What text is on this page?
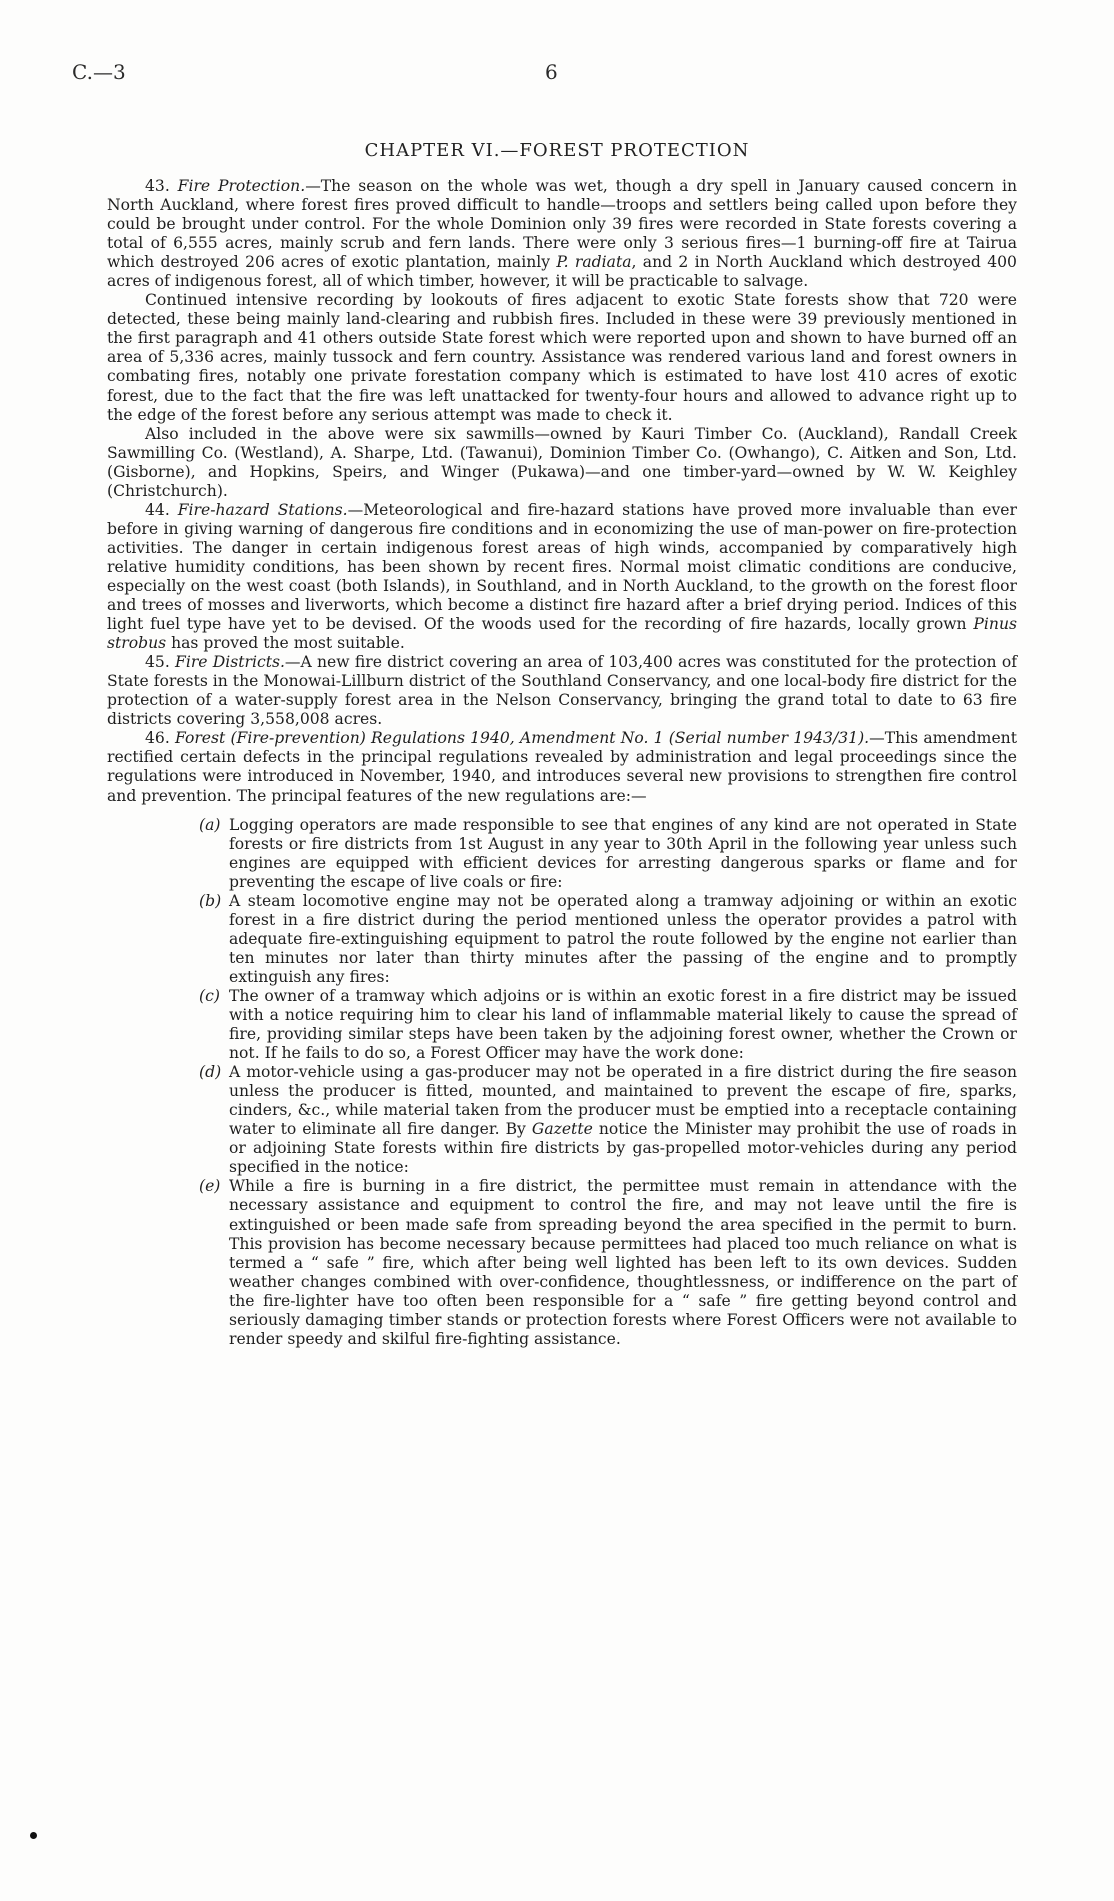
C.—3	6
CHAPTER VI.—FOREST PROTECTION

43. Fire Protection.—The season on the whole was wet, though a dry spell in January caused concern in North Auckland, where forest fires proved difficult to handle—troops and settlers being called upon before they could be brought under control. For the whole Dominion only 39 fires were recorded in State forests covering a total of 6,555 acres, mainly scrub and fern lands. There were only 3 serious fires—1 burning-off fire at Tairua which destroyed 206 acres of exotic plantation, mainly P. radiata, and 2 in North Auckland which destroyed 400 acres of indigenous forest, all of which timber, however, it will be practicable to salvage.

Continued intensive recording by lookouts of fires adjacent to exotic State forests show that 720 were detected, these being mainly land-clearing and rubbish fires. Included in these were 39 previously mentioned in the first paragraph and 41 others outside State forest which were reported upon and shown to have burned off an area of 5,336 acres, mainly tussock and fern country. Assistance was rendered various land and forest owners in combating fires, notably one private forestation company which is estimated to have lost 410 acres of exotic forest, due to the fact that the fire was left unattacked for twenty-four hours and allowed to advance right up to the edge of the forest before any serious attempt was made to check it.

Also included in the above were six sawmills—owned by Kauri Timber Co. (Auckland), Randall Creek Sawmilling Co. (Westland), A. Sharpe, Ltd. (Tawanui), Dominion Timber Co. (Owhango), C. Aitken and Son, Ltd. (Gisborne), and Hopkins, Speirs, and Winger (Pukawa)—and one timber-yard—owned by W. W. Keighley (Christchurch).

44. Fire-hazard Stations.—Meteorological and fire-hazard stations have proved more invaluable than ever before in giving warning of dangerous fire conditions and in economizing the use of man-power on fire-protection activities. The danger in certain indigenous forest areas of high winds, accompanied by comparatively high relative humidity conditions, has been shown by recent fires. Normal moist climatic conditions are conducive, especially on the west coast (both Islands), in Southland, and in North Auckland, to the growth on the forest floor and trees of mosses and liverworts, which become a distinct fire hazard after a brief drying period. Indices of this light fuel type have yet to be devised. Of the woods used for the recording of fire hazards, locally grown Pinus strobus has proved the most suitable.

45. Fire Districts.—A new fire district covering an area of 103,400 acres was constituted for the protection of State forests in the Monowai-Lillburn district of the Southland Conservancy, and one local-body fire district for the protection of a water-supply forest area in the Nelson Conservancy, bringing the grand total to date to 63 fire districts covering 3,558,008 acres.

46. Forest (Fire-prevention) Regulations 1940, Amendment No. 1 (Serial number 1943/31).—This amendment rectified certain defects in the principal regulations revealed by administration and legal proceedings since the regulations were introduced in November, 1940, and introduces several new provisions to strengthen fire control and prevention. The principal features of the new regulations are:—

(a) Logging operators are made responsible to see that engines of any kind are not operated in State forests or fire districts from 1st August in any year to 30th April in the following year unless such engines are equipped with efficient devices for arresting dangerous sparks or flame and for preventing the escape of live coals or fire:
(b) A steam locomotive engine may not be operated along a tramway adjoining or within an exotic forest in a fire district during the period mentioned unless the operator provides a patrol with adequate fire-extinguishing equipment to patrol the route followed by the engine not earlier than ten minutes nor later than thirty minutes after the passing of the engine and to promptly extinguish any fires:
(c) The owner of a tramway which adjoins or is within an exotic forest in a fire district may be issued with a notice requiring him to clear his land of inflammable material likely to cause the spread of fire, providing similar steps have been taken by the adjoining forest owner, whether the Crown or not. If he fails to do so, a Forest Officer may have the work done:
(d) A motor-vehicle using a gas-producer may not be operated in a fire district during the fire season unless the producer is fitted, mounted, and maintained to prevent the escape of fire, sparks, cinders, &c., while material taken from the producer must be emptied into a receptacle containing water to eliminate all fire danger. By Gazette notice the Minister may prohibit the use of roads in or adjoining State forests within fire districts by gas-propelled motor-vehicles during any period specified in the notice:
(e) While a fire is burning in a fire district, the permittee must remain in attendance with the necessary assistance and equipment to control the fire, and may not leave until the fire is extinguished or been made safe from spreading beyond the area specified in the permit to burn. This provision has become necessary because permittees had placed too much reliance on what is termed a “ safe ” fire, which after being well lighted has been left to its own devices. Sudden weather changes combined with over-confidence, thoughtlessness, or indifference on the part of the fire-lighter have too often been responsible for a “ safe ” fire getting beyond control and seriously damaging timber stands or protection forests where Forest Officers were not available to render speedy and skilful fire-fighting assistance.
